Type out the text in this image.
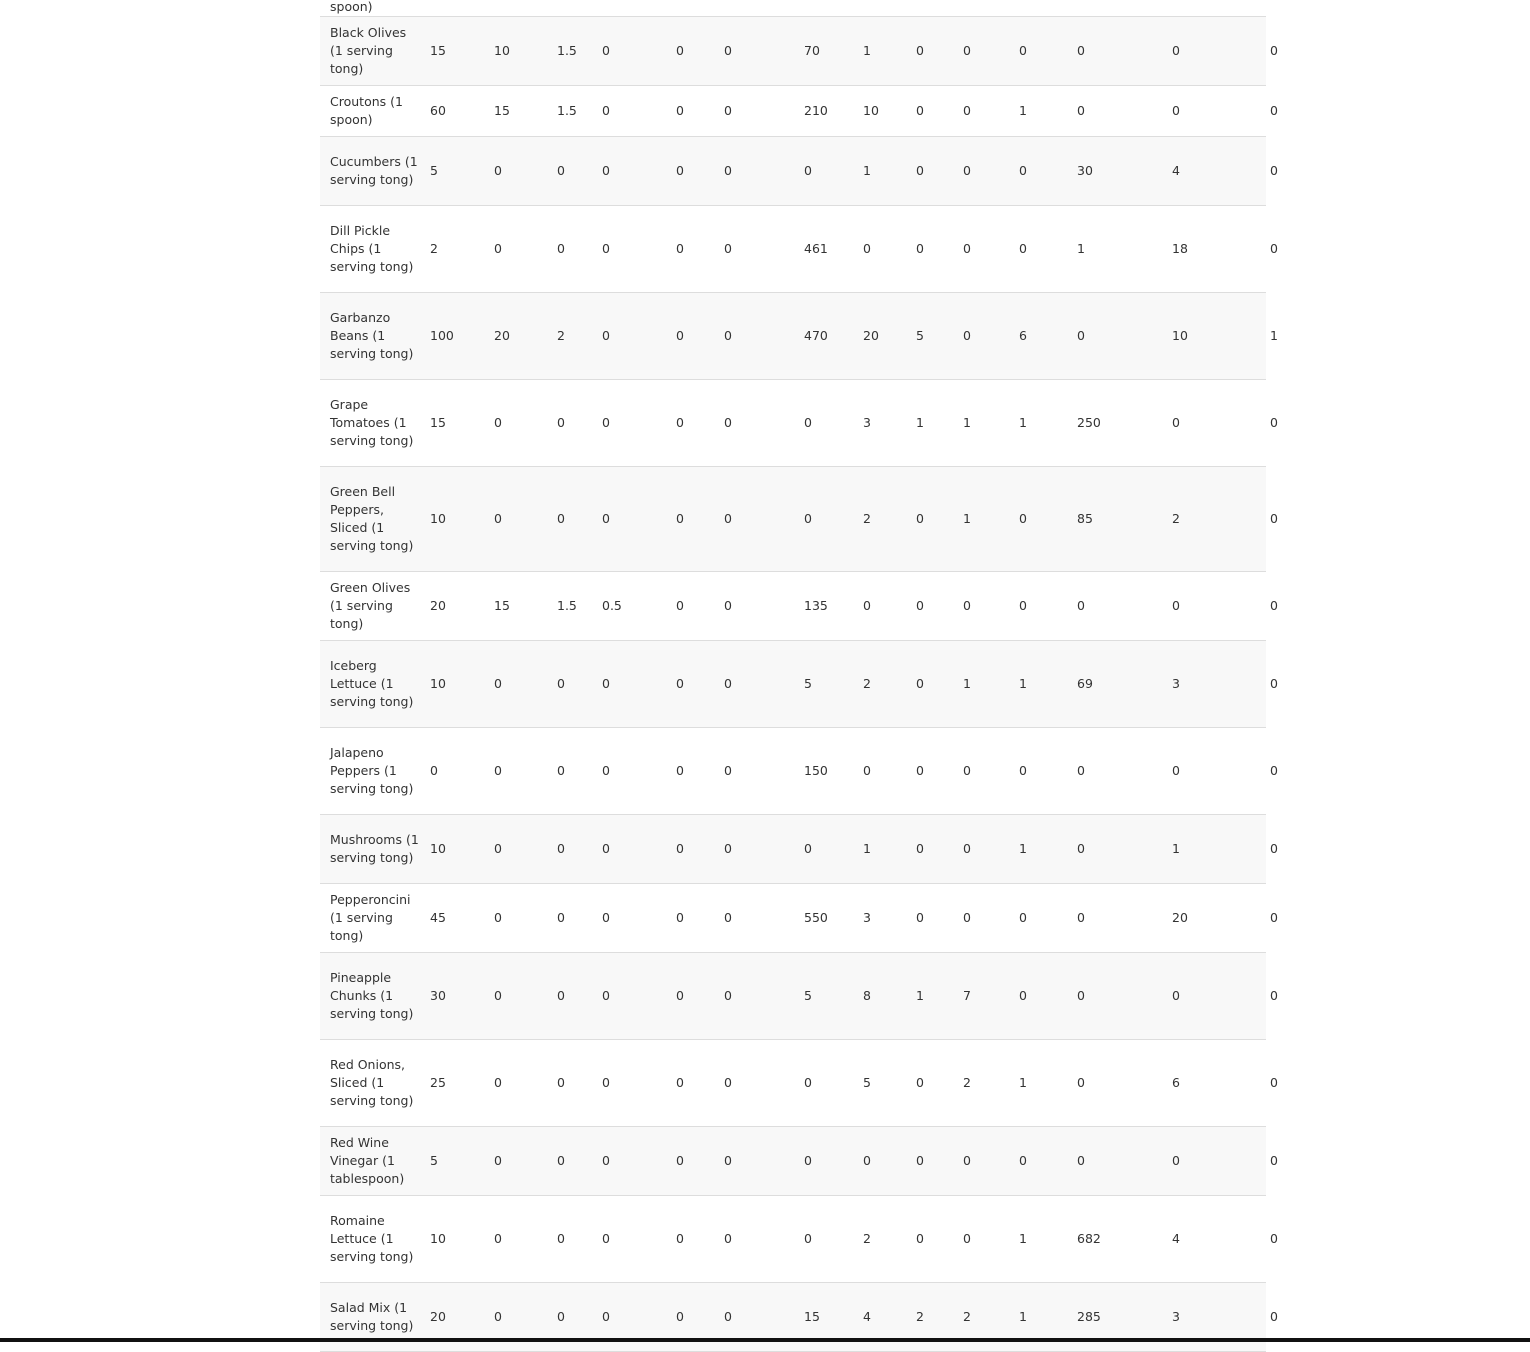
spoon)														
Black Olives (1 serving tong)	15	10	1.5	0	0	0	70	1	0	0	0	0	0	0
Croutons (1 spoon)	60	15	1.5	0	0	0	210	10	0	0	1	0	0	0
Cucumbers (1 serving tong)	5	0	0	0	0	0	0	1	0	0	0	30	4	0
Dill Pickle Chips (1 serving tong)	2	0	0	0	0	0	461	0	0	0	0	1	18	0
Garbanzo Beans (1 serving tong)	100	20	2	0	0	0	470	20	5	0	6	0	10	1
Grape Tomatoes (1 serving tong)	15	0	0	0	0	0	0	3	1	1	1	250	0	0
Green Bell Peppers, Sliced (1 serving tong)	10	0	0	0	0	0	0	2	0	1	0	85	2	0
Green Olives (1 serving tong)	20	15	1.5	0.5	0	0	135	0	0	0	0	0	0	0
Iceberg Lettuce (1 serving tong)	10	0	0	0	0	0	5	2	0	1	1	69	3	0
Jalapeno Peppers (1 serving tong)	0	0	0	0	0	0	150	0	0	0	0	0	0	0
Mushrooms (1 serving tong)	10	0	0	0	0	0	0	1	0	0	1	0	1	0
Pepperoncini (1 serving tong)	45	0	0	0	0	0	550	3	0	0	0	0	20	0
Pineapple Chunks (1 serving tong)	30	0	0	0	0	0	5	8	1	7	0	0	0	0
Red Onions, Sliced (1 serving tong)	25	0	0	0	0	0	0	5	0	2	1	0	6	0
Red Wine Vinegar (1 tablespoon)	5	0	0	0	0	0	0	0	0	0	0	0	0	0
Romaine Lettuce (1 serving tong)	10	0	0	0	0	0	0	2	0	0	1	682	4	0
Salad Mix (1 serving tong)	20	0	0	0	0	0	15	4	2	2	1	285	3	0
